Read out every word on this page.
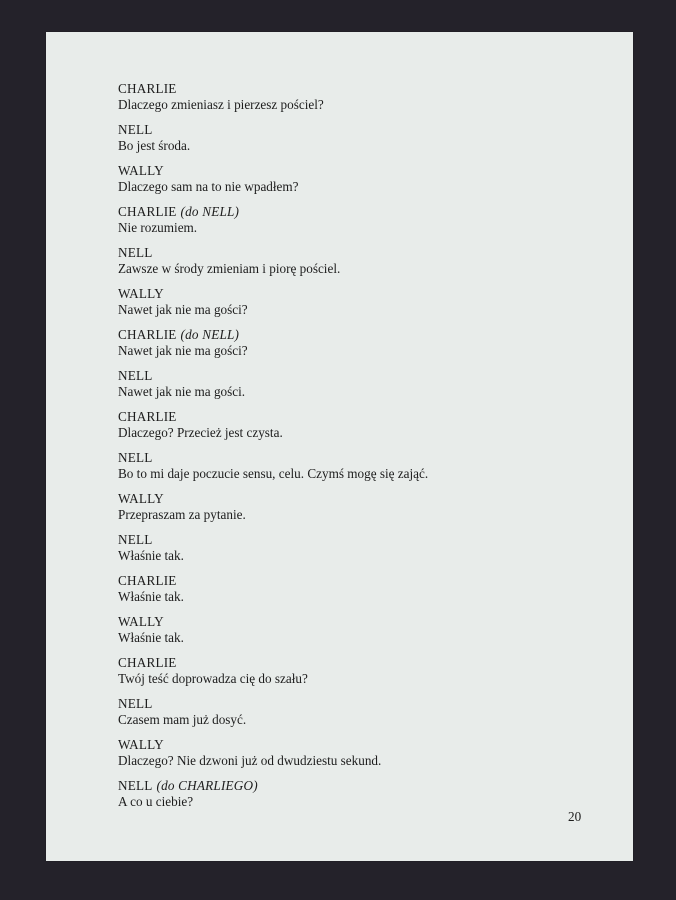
CHARLIE
Dlaczego zmieniasz i pierzesz pościel?
NELL
Bo jest środa.
WALLY
Dlaczego sam na to nie wpadłem?
CHARLIE (do NELL)
Nie rozumiem.
NELL
Zawsze w środy zmieniam i piorę pościel.
WALLY
Nawet jak nie ma gości?
CHARLIE (do NELL)
Nawet jak nie ma gości?
NELL
Nawet jak nie ma gości.
CHARLIE
Dlaczego? Przecież jest czysta.
NELL
Bo to mi daje poczucie sensu, celu. Czymś mogę się zająć.
WALLY
Przepraszam za pytanie.
NELL
Właśnie tak.
CHARLIE
Właśnie tak.
WALLY
Właśnie tak.
CHARLIE
Twój teść doprowadza cię do szału?
NELL
Czasem mam już dosyć.
WALLY
Dlaczego? Nie dzwoni już od dwudziestu sekund.
NELL (do CHARLIEGO)
A co u ciebie?
20
